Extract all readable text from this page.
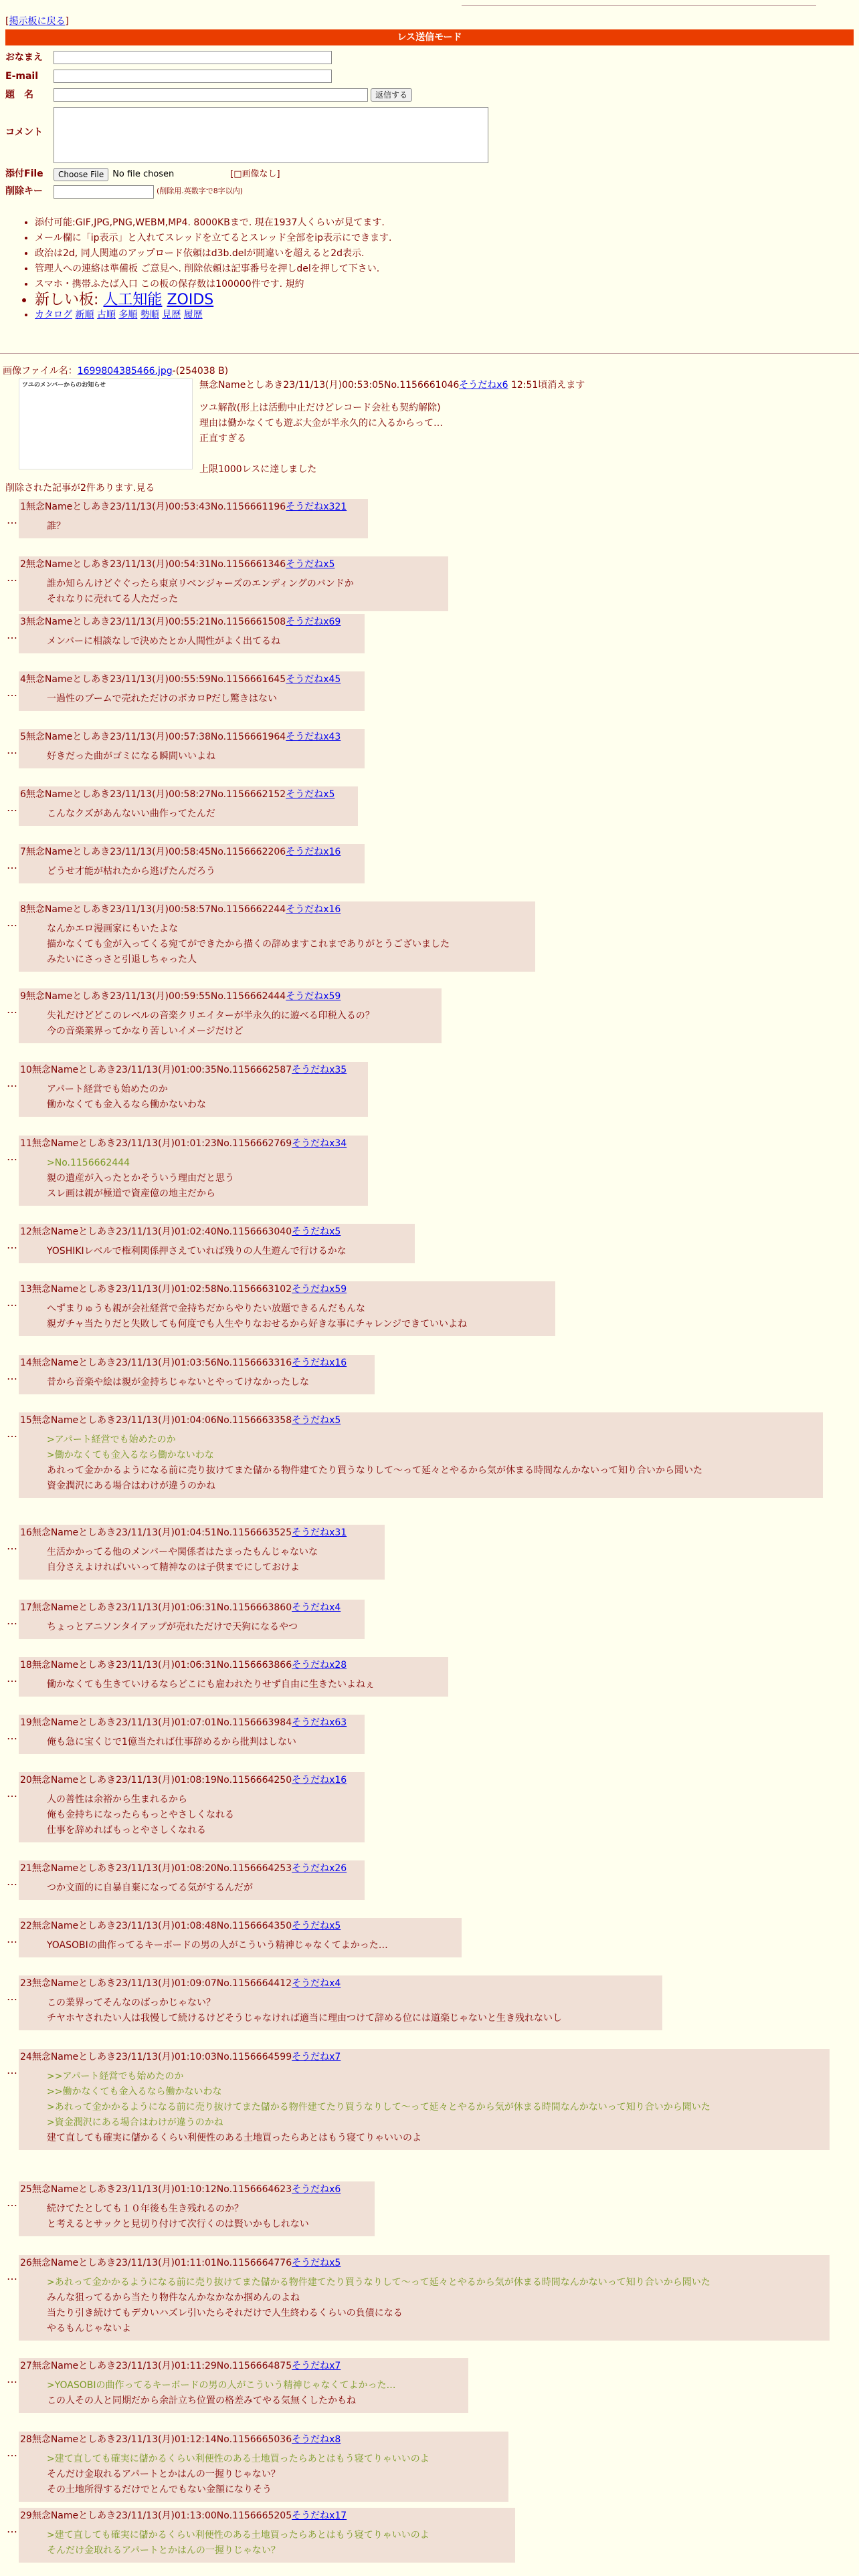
[掲示板に戻る]
レス送信モード
おなまえ
E-mail
題　名	返信する
コメント
添付File	Choose File	No file chosen	[□画像なし]
削除キー	(削除用.英数字で8字以内)
• 添付可能:GIF,JPG,PNG,WEBM,MP4. 8000KBまで. 現在1937人くらいが見てます.
• メール欄に「ip表示」と入れてスレッドを立てるとスレッド全部をip表示にできます.
• 政治は2d, 同人関連のアップロード依頼はd3b.delが間違いを超えると2d表示.
• 管理人への連絡は準備板 ご意見へ. 削除依頼は記事番号を押しdelを押して下さい.
• スマホ・携帯ふたば入口 この板の保存数は100000件です. 規約
• 新しい板: 人工知能 ZOIDS
• カタログ 新順 古順 多順 勢順 見歴 履歴
画像ファイル名：1699804385466.jpg-(254038 B)
ツユのメンバーからのお知らせ	無念Nameとしあき23/11/13(月)00:53:05No.1156661046そうだねx6 12:51頃消えます
ツユ解散(形上は活動中止だけどレコード会社も契約解除)
理由は働かなくても遊ぶ大金が半永久的に入るからって…
正直すぎる
上限1000レスに達しました
削除された記事が2件あります.見る
…
1無念Nameとしあき23/11/13(月)00:53:43No.1156661196そうだねx321
誰？
…
2無念Nameとしあき23/11/13(月)00:54:31No.1156661346そうだねx5
誰か知らんけどぐぐったら東京リベンジャーズのエンディングのバンドか
それなりに売れてる人ただった
…
3無念Nameとしあき23/11/13(月)00:55:21No.1156661508そうだねx69
メンバーに相談なしで決めたとか人間性がよく出てるね
…
4無念Nameとしあき23/11/13(月)00:55:59No.1156661645そうだねx45
一過性のブームで売れただけのボカロPだし驚きはない
…
5無念Nameとしあき23/11/13(月)00:57:38No.1156661964そうだねx43
好きだった曲がゴミになる瞬間いいよね
…
6無念Nameとしあき23/11/13(月)00:58:27No.1156662152そうだねx5
こんなクズがあんないい曲作ってたんだ
…
7無念Nameとしあき23/11/13(月)00:58:45No.1156662206そうだねx16
どうせ才能が枯れたから逃げたんだろう
…
8無念Nameとしあき23/11/13(月)00:58:57No.1156662244そうだねx16
なんかエロ漫画家にもいたよな
描かなくても金が入ってくる宛てができたから描くの辞めますこれまでありがとうございました
みたいにさっさと引退しちゃった人
…
9無念Nameとしあき23/11/13(月)00:59:55No.1156662444そうだねx59
失礼だけどどこのレベルの音楽クリエイターが半永久的に遊べる印税入るの？
今の音楽業界ってかなり苦しいイメージだけど
…
10無念Nameとしあき23/11/13(月)01:00:35No.1156662587そうだねx35
アパート経営でも始めたのか
働かなくても金入るなら働かないわな
…
11無念Nameとしあき23/11/13(月)01:01:23No.1156662769そうだねx34
>No.1156662444
親の遺産が入ったとかそういう理由だと思う
スレ画は親が極道で資産億の地主だから
…
12無念Nameとしあき23/11/13(月)01:02:40No.1156663040そうだねx5
YOSHIKIレベルで権利関係押さえていれば残りの人生遊んで行けるかな
…
13無念Nameとしあき23/11/13(月)01:02:58No.1156663102そうだねx59
へずまりゅうも親が会社経営で金持ちだからやりたい放題できるんだもんな
親ガチャ当たりだと失敗しても何度でも人生やりなおせるから好きな事にチャレンジできていいよね
…
14無念Nameとしあき23/11/13(月)01:03:56No.1156663316そうだねx16
昔から音楽や絵は親が金持ちじゃないとやってけなかったしな
…
15無念Nameとしあき23/11/13(月)01:04:06No.1156663358そうだねx5
>アパート経営でも始めたのか
>働かなくても金入るなら働かないわな
あれって金かかるようになる前に売り抜けてまた儲かる物件建てたり買うなりして〜って延々とやるから気が休まる時間なんかないって知り合いから聞いた
資金潤沢にある場合はわけが違うのかね
…
16無念Nameとしあき23/11/13(月)01:04:51No.1156663525そうだねx31
生活かかってる他のメンバーや関係者はたまったもんじゃないな
自分さえよければいいって精神なのは子供までにしておけよ
…
17無念Nameとしあき23/11/13(月)01:06:31No.1156663860そうだねx4
ちょっとアニソンタイアップが売れただけで天狗になるやつ
…
18無念Nameとしあき23/11/13(月)01:06:31No.1156663866そうだねx28
働かなくても生きていけるならどこにも雇われたりせず自由に生きたいよねぇ
…
19無念Nameとしあき23/11/13(月)01:07:01No.1156663984そうだねx63
俺も急に宝くじで1億当たれば仕事辞めるから批判はしない
…
20無念Nameとしあき23/11/13(月)01:08:19No.1156664250そうだねx16
人の善性は余裕から生まれるから
俺も金持ちになったらもっとやさしくなれる
仕事を辞めればもっとやさしくなれる
…
21無念Nameとしあき23/11/13(月)01:08:20No.1156664253そうだねx26
つか文面的に自暴自棄になってる気がするんだが
…
22無念Nameとしあき23/11/13(月)01:08:48No.1156664350そうだねx5
YOASOBIの曲作ってるキーボードの男の人がこういう精神じゃなくてよかった…
…
23無念Nameとしあき23/11/13(月)01:09:07No.1156664412そうだねx4
この業界ってそんなのばっかじゃない？
チヤホヤされたい人は我慢して続けるけどそうじゃなければ適当に理由つけて辞める位には道楽じゃないと生き残れないし
…
24無念Nameとしあき23/11/13(月)01:10:03No.1156664599そうだねx7
>>アパート経営でも始めたのか
>>働かなくても金入るなら働かないわな
>あれって金かかるようになる前に売り抜けてまた儲かる物件建てたり買うなりして〜って延々とやるから気が休まる時間なんかないって知り合いから聞いた
>資金潤沢にある場合はわけが違うのかね
建て直しても確実に儲かるくらい利便性のある土地買ったらあとはもう寝てりゃいいのよ
…
25無念Nameとしあき23/11/13(月)01:10:12No.1156664623そうだねx6
続けてたとしても１０年後も生き残れるのか？
と考えるとサックと見切り付けて次行くのは賢いかもしれない
…
26無念Nameとしあき23/11/13(月)01:11:01No.1156664776そうだねx5
>あれって金かかるようになる前に売り抜けてまた儲かる物件建てたり買うなりして〜って延々とやるから気が休まる時間なんかないって知り合いから聞いた
みんな狙ってるから当たり物件なんかなかなか掴めんのよね
当たり引き続けてもデカいハズレ引いたらそれだけで人生終わるくらいの負債になる
やるもんじゃないよ
…
27無念Nameとしあき23/11/13(月)01:11:29No.1156664875そうだねx7
>YOASOBIの曲作ってるキーボードの男の人がこういう精神じゃなくてよかった…
この人その人と同期だから余計立ち位置の格差みてやる気無くしたかもね
…
28無念Nameとしあき23/11/13(月)01:12:14No.1156665036そうだねx8
>建て直しても確実に儲かるくらい利便性のある土地買ったらあとはもう寝てりゃいいのよ
そんだけ金取れるアパートとかはんの一握りじゃない？
その土地所得するだけでとんでもない金額になりそう
…
29無念Nameとしあき23/11/13(月)01:13:00No.1156665205そうだねx17
>建て直しても確実に儲かるくらい利便性のある土地買ったらあとはもう寝てりゃいいのよ
そんだけ金取れるアパートとかはんの一握りじゃない？
